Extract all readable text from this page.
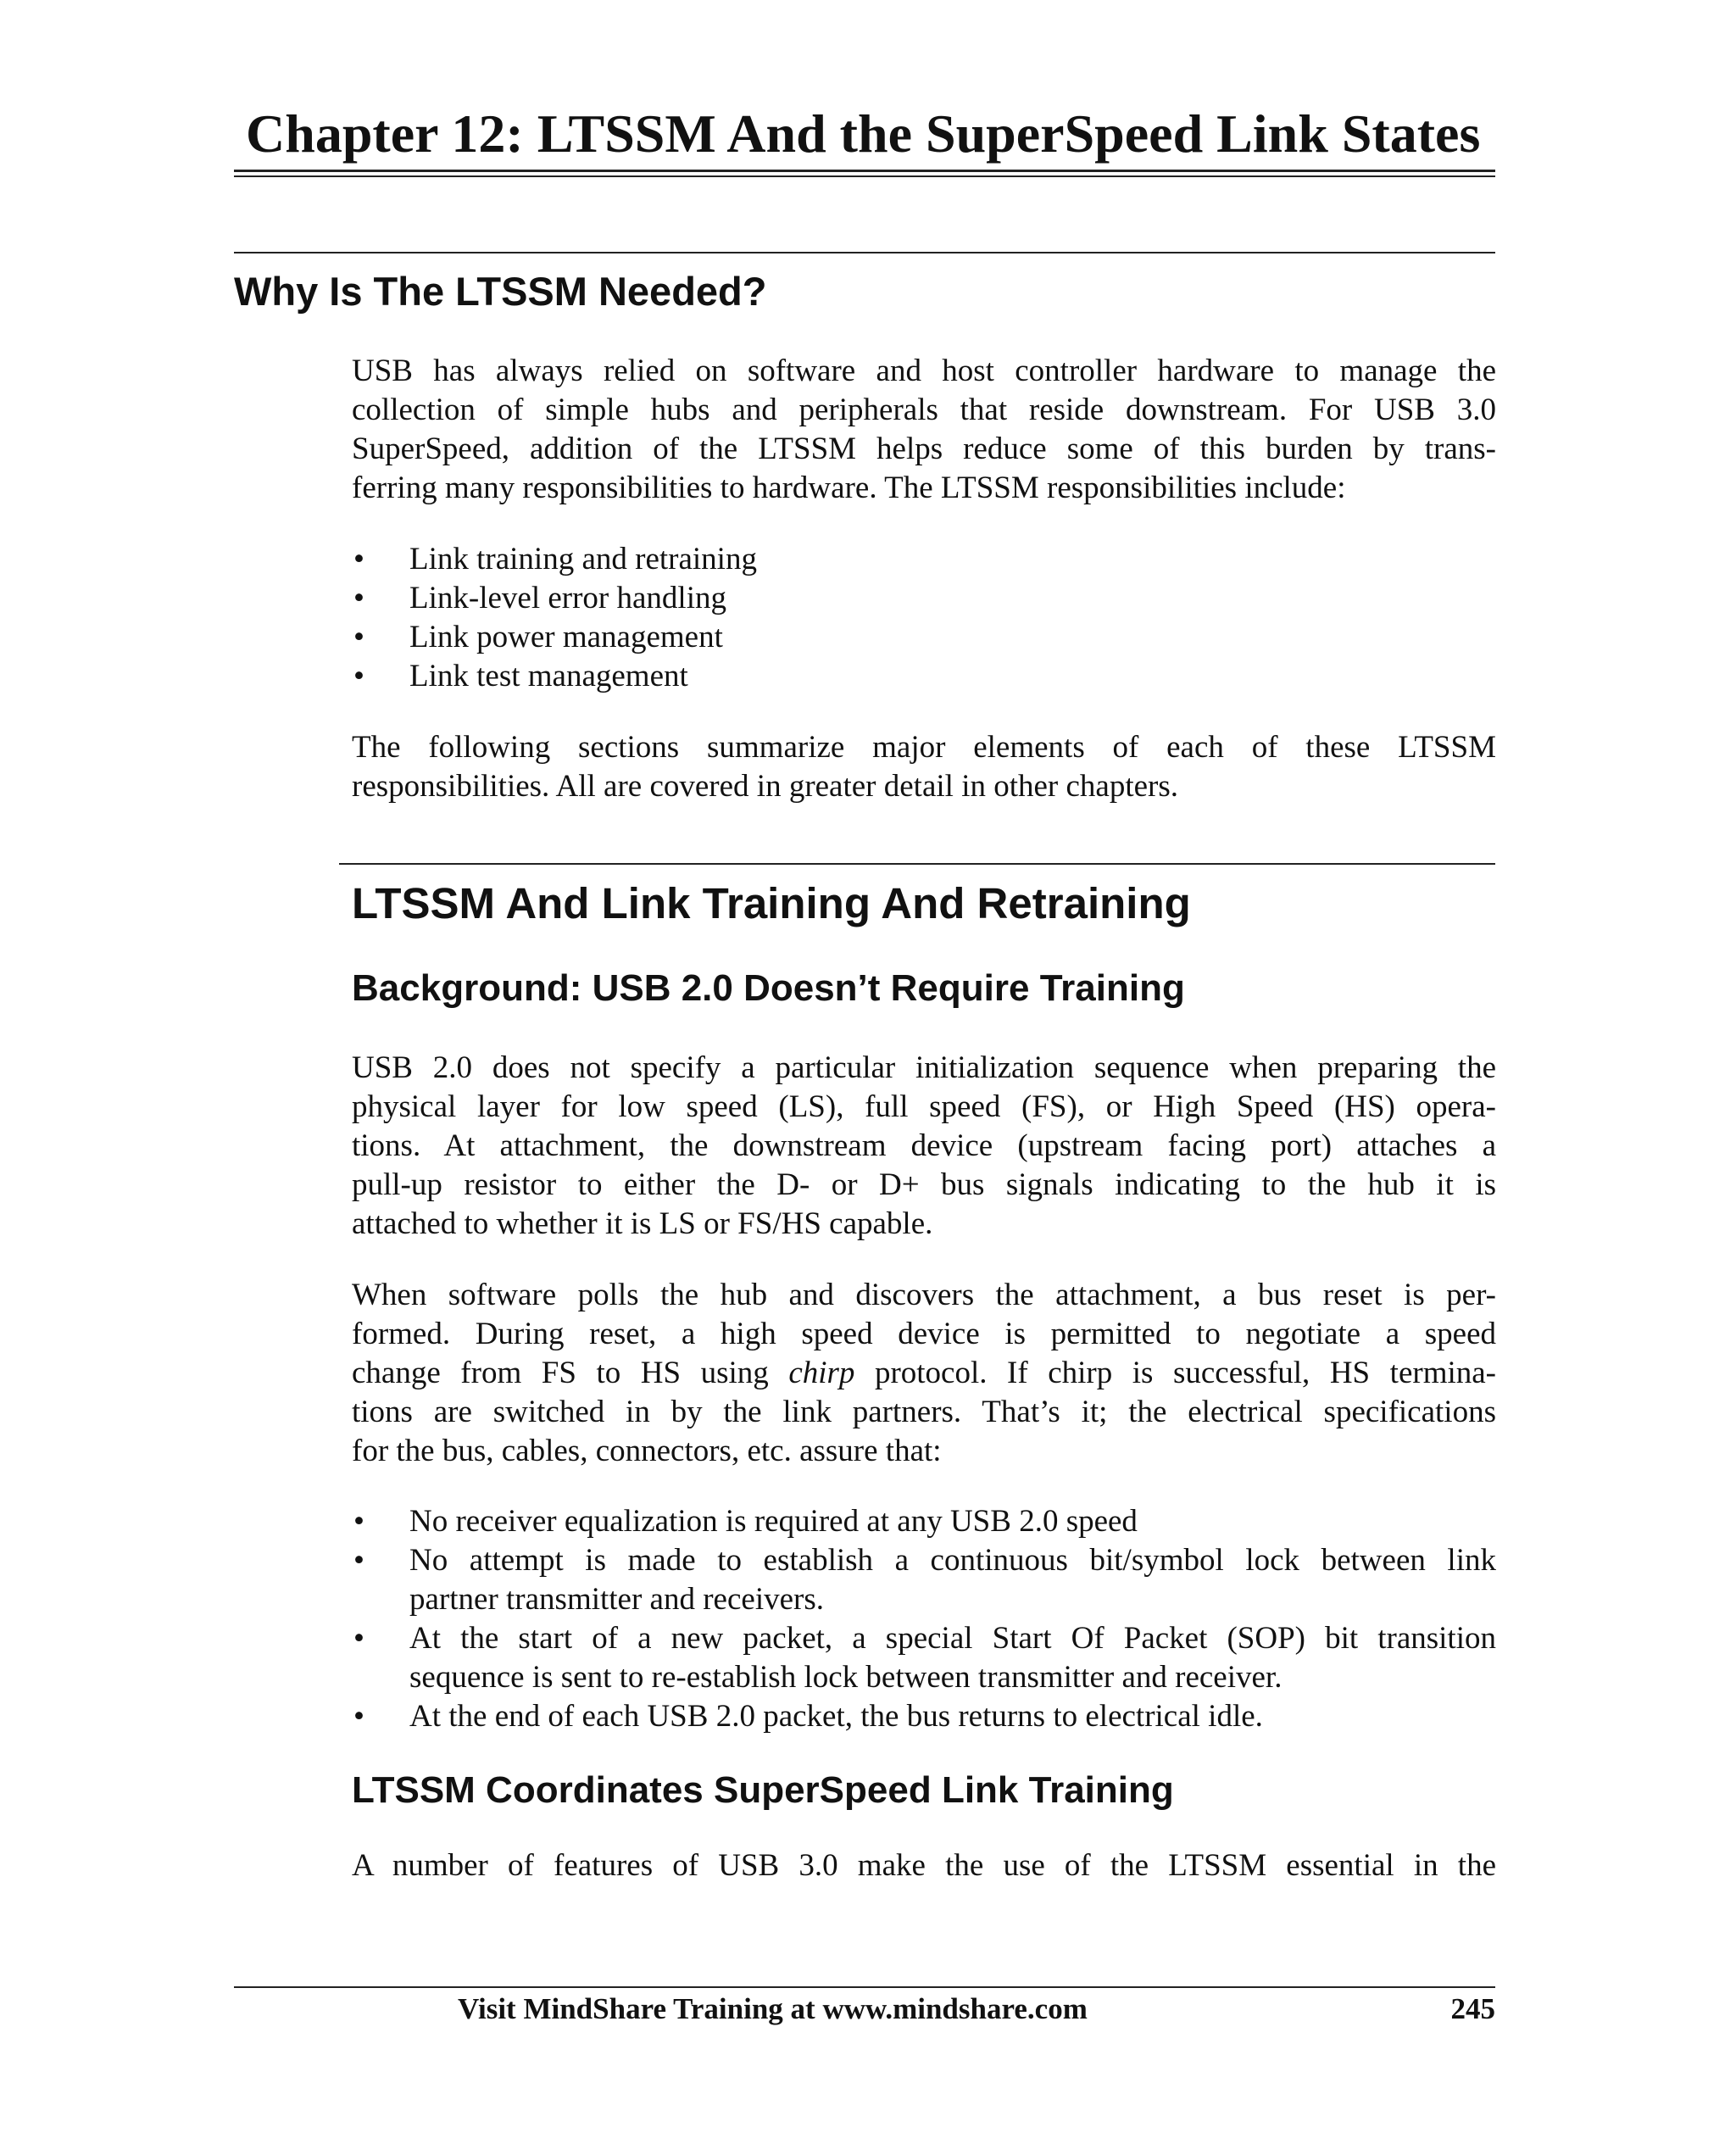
Chapter 12: LTSSM And the SuperSpeed Link States
Why Is The LTSSM Needed?

USB has always relied on software and host controller hardware to manage the
collection of simple hubs and peripherals that reside downstream. For USB 3.0
SuperSpeed, addition of the LTSSM helps reduce some of this burden by trans-
ferring many responsibilities to hardware. The LTSSM responsibilities include:

• Link training and retraining
• Link-level error handling
• Link power management
• Link test management

The following sections summarize major elements of each of these LTSSM
responsibilities. All are covered in greater detail in other chapters.

LTSSM And Link Training And Retraining
Background: USB 2.0 Doesn’t Require Training

USB 2.0 does not specify a particular initialization sequence when preparing the
physical layer for low speed (LS), full speed (FS), or High Speed (HS) opera-
tions. At attachment, the downstream device (upstream facing port) attaches a
pull-up resistor to either the D- or D+ bus signals indicating to the hub it is
attached to whether it is LS or FS/HS capable.

When software polls the hub and discovers the attachment, a bus reset is per-
formed. During reset, a high speed device is permitted to negotiate a speed
change from FS to HS using chirp protocol. If chirp is successful, HS termina-
tions are switched in by the link partners. That’s it; the electrical specifications
for the bus, cables, connectors, etc. assure that:

• No receiver equalization is required at any USB 2.0 speed
• No attempt is made to establish a continuous bit/symbol lock between link
partner transmitter and receivers.
• At the start of a new packet, a special Start Of Packet (SOP) bit transition
sequence is sent to re-establish lock between transmitter and receiver.
• At the end of each USB 2.0 packet, the bus returns to electrical idle.
LTSSM Coordinates SuperSpeed Link Training

A number of features of USB 3.0 make the use of the LTSSM essential in the

Visit MindShare Training at www.mindshare.com	245
